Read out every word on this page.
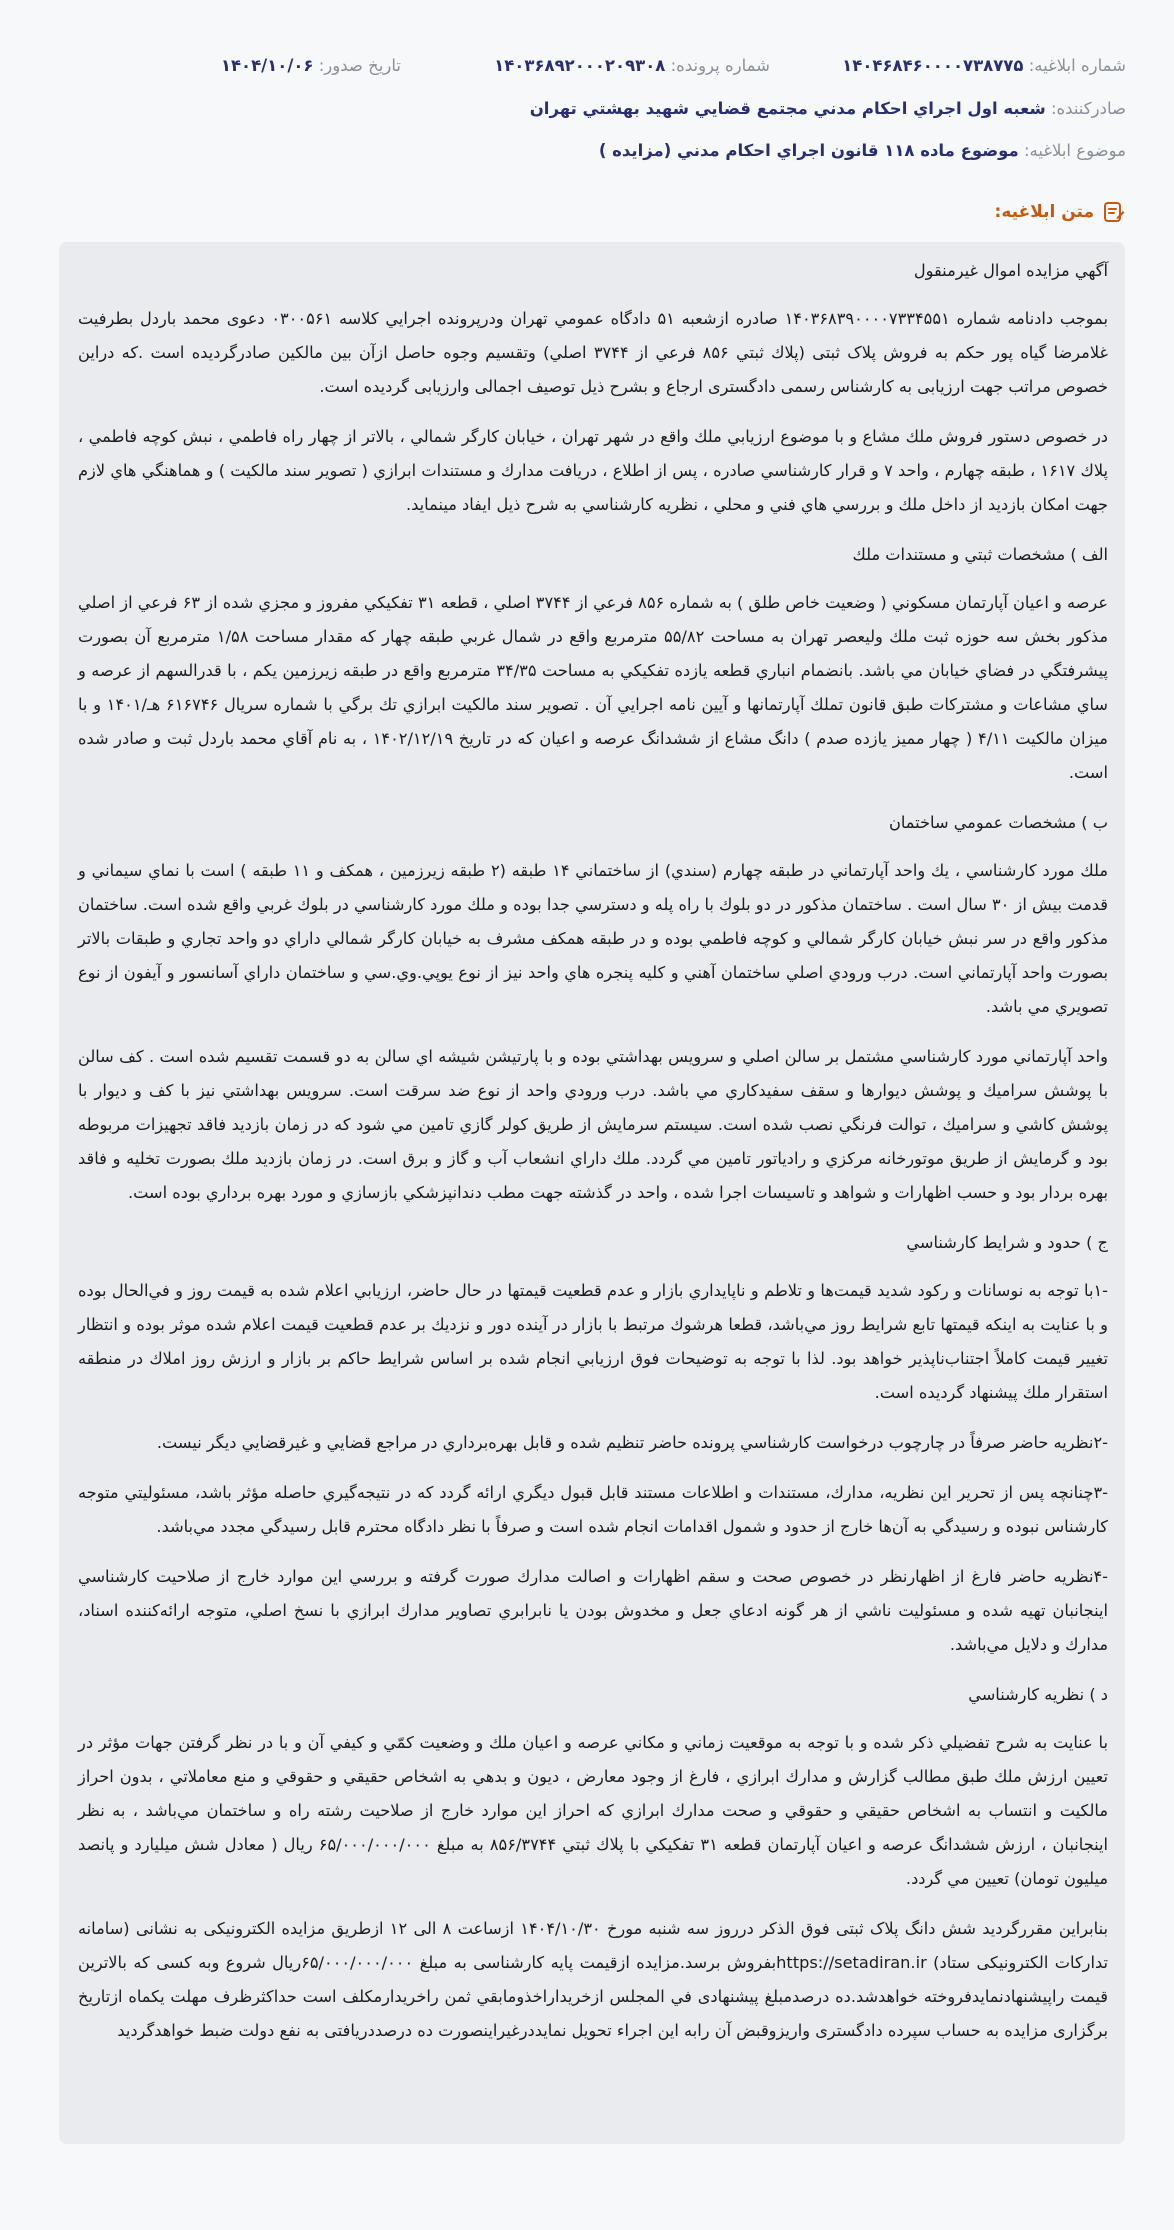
شماره ابلاغيه: ۱۴۰۴۶۸۴۶۰۰۰۰۷۳۸۷۷۵
شماره پرونده: ۱۴۰۳۶۸۹۲۰۰۰۲۰۹۳۰۸
تاريخ صدور: ۱۴۰۴/۱۰/۰۶
صادرکننده: شعبه اول اجراي احكام مدني مجتمع قضايي شهيد بهشتي تهران
موضوع ابلاغيه: موضوع ماده ۱۱۸ قانون اجراي احكام مدني (مزايده )
متن ابلاغيه:

آگهي مزايده اموال غيرمنقول

بموجب دادنامه شماره ۱۴۰۳۶۸۳۹۰۰۰۰۷۳۳۴۵۵۱ صادره ازشعبه ۵۱ دادگاه عمومي تهران ودرپرونده اجرايي كلاسه ۰۳۰۰۵۶۱ دعوی محمد باردل بطرفيت غلامرضا گياه پور حکم به فروش پلاک ثبتی (پلاك ثبتي ۸۵۶ فرعي از ۳۷۴۴ اصلي) وتقسيم وجوه حاصل ازآن بين مالكين صادرگرديده است .كه دراين خصوص مراتب جهت ارزيابی به كارشناس رسمی دادگستری ارجاع و بشرح ذيل توصيف اجمالی وارزيابی گرديده است.

در خصوص دستور فروش ملك مشاع و با موضوع ارزيابي ملك واقع در شهر تهران ، خيابان كارگر شمالي ، بالاتر از چهار راه فاطمي ، نبش كوچه فاطمي ، پلاك ۱۶۱۷ ، طبقه چهارم ، واحد ۷ و قرار كارشناسي صادره ، پس از اطلاع ، دريافت مدارك و مستندات ابرازي ( تصوير سند مالكيت ) و هماهنگي هاي لازم جهت امكان بازديد از داخل ملك و بررسي هاي فني و محلي ، نظريه كارشناسي به شرح ذيل ايفاد مينمايد.

الف ) مشخصات ثبتي و مستندات ملك

عرصه و اعيان آپارتمان مسكوني ( وضعيت خاص طلق ) به شماره ۸۵۶ فرعي از ۳۷۴۴ اصلي ، قطعه ۳۱ تفكيكي مفروز و مجزي شده از ۶۳ فرعي از اصلي مذكور بخش سه حوزه ثبت ملك وليعصر تهران به مساحت ۵۵/۸۲ مترمربع واقع در شمال غربي طبقه چهار كه مقدار مساحت ۱/۵۸ مترمربع آن بصورت پيشرفتگي در فضاي خيابان مي باشد. بانضمام انباري قطعه يازده تفكيكي به مساحت ۳۴/۳۵ مترمربع واقع در طبقه زيرزمين يكم ، با قدرالسهم از عرصه و ساي مشاعات و مشتركات طبق قانون تملك آپارتمانها و آيين نامه اجرايي آن . تصوير سند مالكيت ابرازي تك برگي با شماره سريال ۶۱۶۷۴۶ هـ/۱۴۰۱ و با ميزان مالكيت ۴/۱۱ ( چهار مميز يازده صدم ) دانگ مشاع از ششدانگ عرصه و اعيان كه در تاريخ ۱۴۰۲/۱۲/۱۹ ، به نام آقاي محمد باردل ثبت و صادر شده است.

ب ) مشخصات عمومي ساختمان

ملك مورد كارشناسي ، يك واحد آپارتماني در طبقه چهارم (سندي) از ساختماني ۱۴ طبقه (۲ طبقه زيرزمين ، همكف و ۱۱ طبقه ) است با نماي سيماني و قدمت بيش از ۳۰ سال است . ساختمان مذكور در دو بلوك با راه پله و دسترسي جدا بوده و ملك مورد كارشناسي در بلوك غربي واقع شده است. ساختمان مذكور واقع در سر نبش خيابان كارگر شمالي و كوچه فاطمي بوده و در طبقه همكف مشرف به خيابان كارگر شمالي داراي دو واحد تجاري و طبقات بالاتر بصورت واحد آپارتماني است. درب ورودي اصلي ساختمان آهني و كليه پنجره هاي واحد نيز از نوع يوپي.وي.سي و ساختمان داراي آسانسور و آيفون از نوع تصويري مي باشد.

واحد آپارتماني مورد كارشناسي مشتمل بر سالن اصلي و سرويس بهداشتي بوده و با پارتيشن شيشه اي سالن به دو قسمت تقسيم شده است . كف سالن با پوشش سراميك و پوشش ديوارها و سقف سفيدكاري مي باشد. درب ورودي واحد از نوع ضد سرقت است. سرويس بهداشتي نيز با كف و ديوار با پوشش كاشي و سراميك ، توالت فرنگي نصب شده است. سيستم سرمايش از طريق كولر گازي تامين مي شود كه در زمان بازديد فاقد تجهيزات مربوطه بود و گرمايش از طريق موتورخانه مركزي و رادياتور تامين مي گردد. ملك داراي انشعاب آب و گاز و برق است. در زمان بازديد ملك بصورت تخليه و فاقد بهره بردار بود و حسب اظهارات و شواهد و تاسيسات اجرا شده ، واحد در گذشته جهت مطب دندانپزشكي بازسازي و مورد بهره برداري بوده است.

ج ) حدود و شرايط كارشناسي

-۱با توجه به نوسانات و ركود شديد قيمت‌ها و تلاطم و ناپايداري بازار و عدم قطعيت قيمتها در حال حاضر، ارزيابي اعلام شده به قيمت روز و في‌الحال بوده و با عنايت به اينكه قيمتها تابع شرايط روز مي‌باشد، قطعا هرشوك مرتبط با بازار در آينده دور و نزديك بر عدم قطعيت قيمت اعلام شده موثر بوده و انتظار تغيير قيمت كاملاً اجتناب‌ناپذير خواهد بود. لذا با توجه به توضيحات فوق ارزيابي انجام شده بر اساس شرايط حاكم بر بازار و ارزش روز املاك در منطقه استقرار ملك پيشنهاد گرديده است.

-۲نظريه حاضر صرفاً در چارچوب درخواست كارشناسي پرونده حاضر تنظيم شده و قابل بهره‌برداري در مراجع قضايي و غيرقضايي ديگر نيست.

-۳چنانچه پس از تحرير اين نظريه، مدارك، مستندات و اطلاعات مستند قابل قبول ديگري ارائه گردد كه در نتيجه‌گيري حاصله مؤثر باشد، مسئوليتي متوجه كارشناس نبوده و رسيدگي به آن‌ها خارج از حدود و شمول اقدامات انجام شده است و صرفاً با نظر دادگاه محترم قابل رسيدگي مجدد مي‌باشد.

-۴نظريه حاضر فارغ از اظهارنظر در خصوص صحت و سقم اظهارات و اصالت مدارك صورت گرفته و بررسي اين موارد خارج از صلاحيت كارشناسي اينجانبان تهيه شده و مسئوليت ناشي از هر گونه ادعاي جعل و مخدوش بودن يا نابرابري تصاوير مدارك ابرازي با نسخ اصلي، متوجه ارائه‌كننده اسناد، مدارك و دلايل مي‌باشد.

د ) نظريه كارشناسي

با عنايت به شرح تفضيلي ذكر شده و با توجه به موقعيت زماني و مكاني عرصه و اعيان ملك و وضعيت كمّي و كيفي آن و با در نظر گرفتن جهات مؤثر در تعيين ارزش ملك طبق مطالب گزارش و مدارك ابرازي ، فارغ از وجود معارض ، ديون و بدهي به اشخاص حقيقي و حقوقي و منع معاملاتي ، بدون احراز مالكيت و انتساب به اشخاص حقيقي و حقوقي و صحت مدارك ابرازي كه احراز اين موارد خارج از صلاحيت رشته راه و ساختمان مي‌باشد ، به نظر اينجانبان ، ارزش ششدانگ عرصه و اعيان آپارتمان قطعه ۳۱ تفكيكي با پلاك ثبتي ۸۵۶/۳۷۴۴ به مبلغ ۶۵/۰۰۰/۰۰۰/۰۰۰ ريال ( معادل شش ميليارد و پانصد ميليون تومان) تعيين مي گردد.

بنابراين مقررگرديد شش دانگ پلاک ثبتی فوق الذکر درروز سه شنبه مورخ ۱۴۰۴/۱۰/۳۰ ازساعت ۸ الی ۱۲ ازطريق مزايده الكترونيكی به نشانی (سامانه تدارکات الکترونیکی ستاد) https://setadiran.irبفروش برسد.مزايده ازقيمت پايه كارشناسی به مبلغ ۶۵/۰۰۰/۰۰۰/۰۰۰ريال شروع وبه كسی كه بالاترين قيمت راپيشنهادنمايدفروخته خواهدشد.ده درصدمبلغ پيشنهادی في المجلس ازخريداراخذومابقي ثمن راخريدارمكلف است حداكثرظرف مهلت يكماه ازتاريخ برگزاری مزايده به حساب سپرده دادگستری واريزوقبض آن رابه اين اجراء تحويل نمايددرغيراينصورت ده درصددريافتی به نفع دولت ضبط خواهدگرديد
